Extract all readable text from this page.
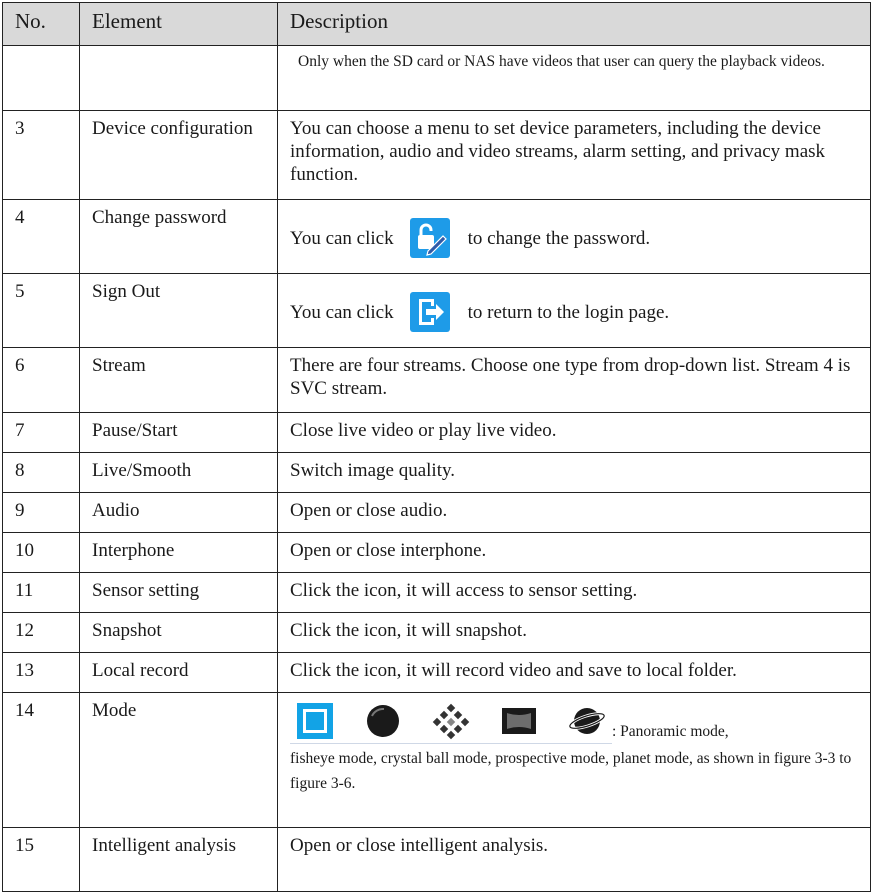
No.	Element	Description
		Only when the SD card or NAS have videos that user can query the playback videos.
3	Device configuration	You can choose a menu to set device parameters, including the device information, audio and video streams, alarm setting, and privacy mask function.
4	Change password	You can click to change the password.

5	Sign Out	You can click to return to the login page.

6	Stream	There are four streams. Choose one type from drop-down list. Stream 4 is SVC stream.
7	Pause/Start	Close live video or play live video.
8	Live/Smooth	Switch image quality.
9	Audio	Open or close audio.
10	Interphone	Open or close interphone.
11	Sensor setting	Click the icon, it will access to sensor setting.
12	Snapshot	Click the icon, it will snapshot.
13	Local record	Click the icon, it will record video and save to local folder.
14	Mode	: Panoramic mode,
fisheye mode, crystal ball mode, prospective mode, planet mode, as shown in figure 3-3 to figure 3-6.

15	Intelligent analysis	Open or close intelligent analysis.
